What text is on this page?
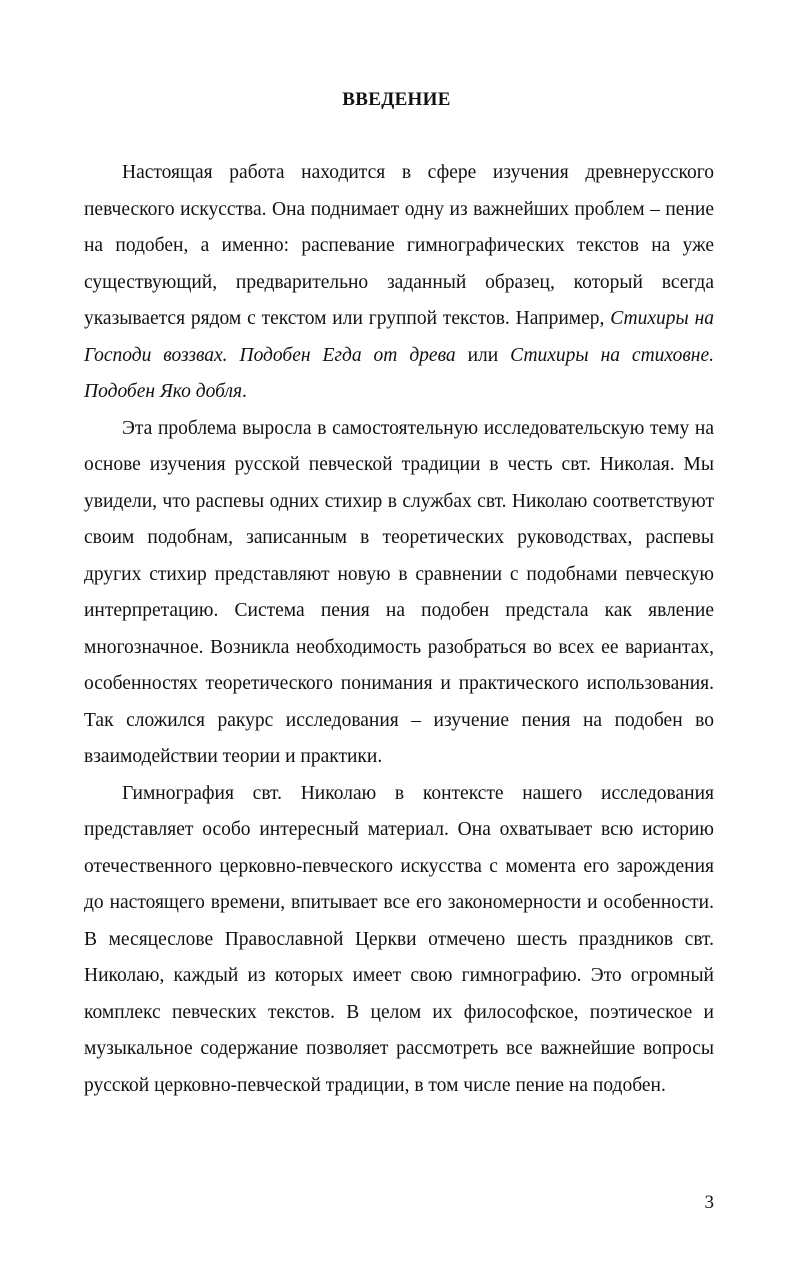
ВВЕДЕНИЕ

Настоящая работа находится в сфере изучения древнерусского певческого искусства. Она поднимает одну из важнейших проблем – пение на подобен, а именно: распевание гимнографических текстов на уже существующий, предварительно заданный образец, который всегда указывается рядом с текстом или группой текстов. Например, Стихиры на Господи воззвах. Подобен Егда от древа или Стихиры на стиховне. Подобен Яко добля.

Эта проблема выросла в самостоятельную исследовательскую тему на основе изучения русской певческой традиции в честь свт. Николая. Мы увидели, что распевы одних стихир в службах свт. Николаю соответствуют своим подобнам, записанным в теоретических руководствах, распевы других стихир представляют новую в сравнении с подобнами певческую интерпретацию. Система пения на подобен предстала как явление многозначное. Возникла необходимость разобраться во всех ее вариантах, особенностях теоретического понимания и практического использования. Так сложился ракурс исследования – изучение пения на подобен во взаимодействии теории и практики.

Гимнография свт. Николаю в контексте нашего исследования представляет особо интересный материал. Она охватывает всю историю отечественного церковно-певческого искусства с момента его зарождения до настоящего времени, впитывает все его закономерности и особенности. В месяцеслове Православной Церкви отмечено шесть праздников свт. Николаю, каждый из которых имеет свою гимнографию. Это огромный комплекс певческих текстов. В целом их философское, поэтическое и музыкальное содержание позволяет рассмотреть все важнейшие вопросы русской церковно-певческой традиции, в том числе пение на подобен.

3
